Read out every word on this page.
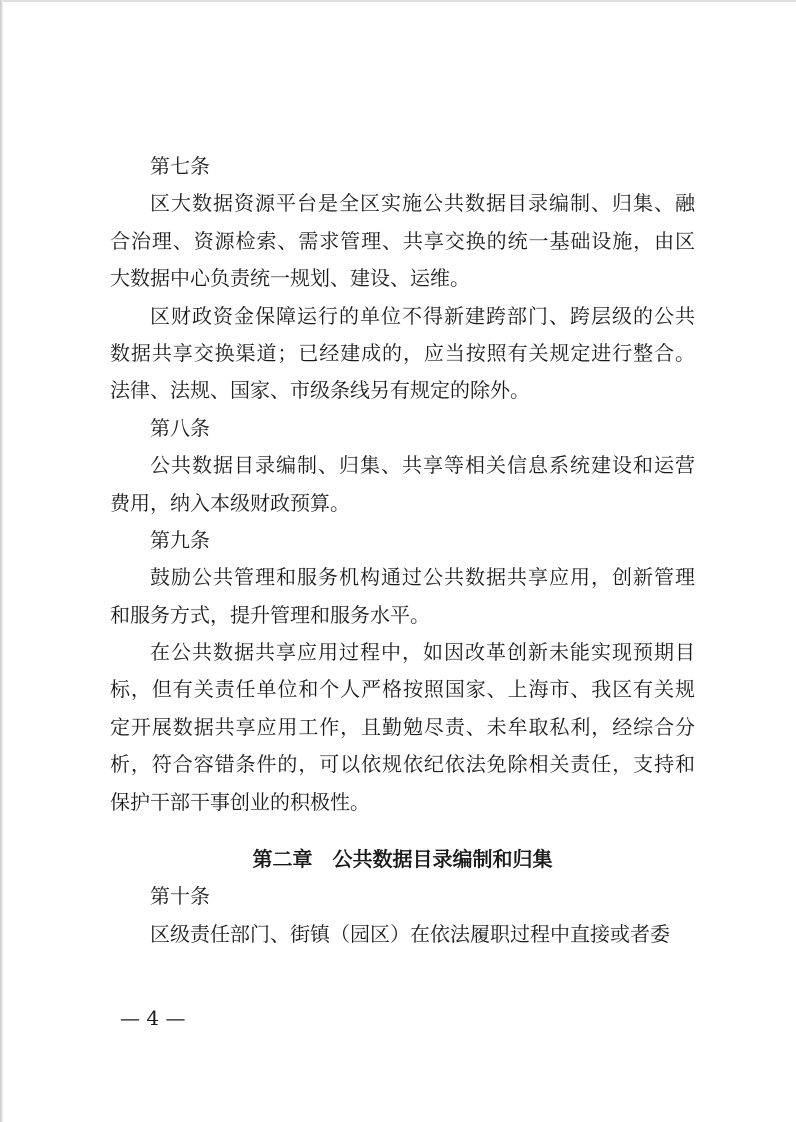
第七条
区大数据资源平台是全区实施公共数据目录编制、归集、融
合治理、资源检索、需求管理、共享交换的统一基础设施，由区
大数据中心负责统一规划、建设、运维。
区财政资金保障运行的单位不得新建跨部门、跨层级的公共
数据共享交换渠道；已经建成的，应当按照有关规定进行整合。
法律、法规、国家、市级条线另有规定的除外。
第八条
公共数据目录编制、归集、共享等相关信息系统建设和运营
费用，纳入本级财政预算。
第九条
鼓励公共管理和服务机构通过公共数据共享应用，创新管理
和服务方式，提升管理和服务水平。
在公共数据共享应用过程中，如因改革创新未能实现预期目
标，但有关责任单位和个人严格按照国家、上海市、我区有关规
定开展数据共享应用工作，且勤勉尽责、未牟取私利，经综合分
析，符合容错条件的，可以依规依纪依法免除相关责任，支持和
保护干部干事创业的积极性。
第二章　公共数据目录编制和归集
第十条
区级责任部门、街镇（园区）在依法履职过程中直接或者委
— 4 —
